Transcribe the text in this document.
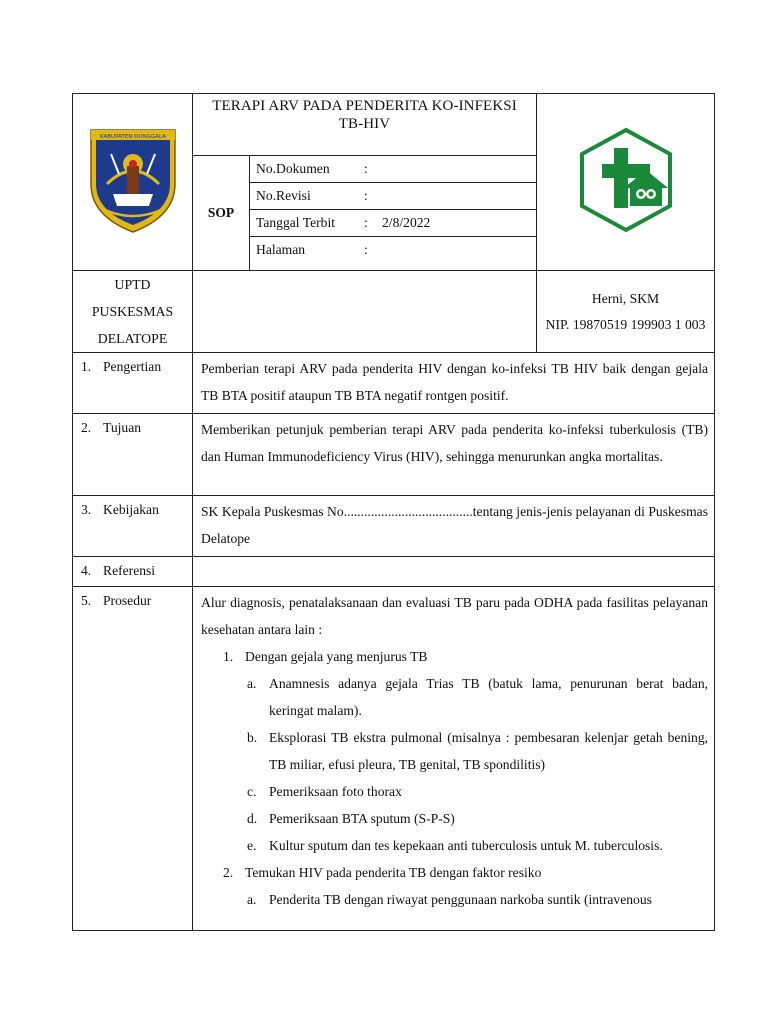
KABUPATEN DONGGALA

TERAPI ARV PADA PENDERITA KO-INFEKSI
TB-HIV

SOP	
No.Dokumen	:
No.Revisi	:
Tanggal Terbit : 2/8/2022
Halaman	:

UPTD
PUSKESMAS
DELATOPE

Herni, SKM
NIP. 19870519 199903 1 003

1. Pengertian	Pemberian terapi ARV pada penderita HIV dengan ko-infeksi TB HIV baik dengan gejala TB BTA positif ataupun TB BTA negatif rontgen positif.
2. Tujuan	Memberikan petunjuk pemberian terapi ARV pada penderita ko-infeksi tuberkulosis (TB) dan Human Immunodeficiency Virus (HIV), sehingga menurunkan angka mortalitas.
3. Kebijakan	SK Kepala Puskesmas No......................................tentang jenis-jenis pelayanan di Puskesmas Delatope
4. Referensi	
5. Prosedur	Alur diagnosis, penatalaksanaan dan evaluasi TB paru pada ODHA pada fasilitas pelayanan kesehatan antara lain :
1. Dengan gejala yang menjurus TB
a. Anamnesis adanya gejala Trias TB (batuk lama, penurunan berat badan, keringat malam).
b. Eksplorasi TB ekstra pulmonal (misalnya : pembesaran kelenjar getah bening, TB miliar, efusi pleura, TB genital, TB spondilitis)
c. Pemeriksaan foto thorax
d. Pemeriksaan BTA sputum (S-P-S)
e. Kultur sputum dan tes kepekaan anti tuberculosis untuk M. tuberculosis.
2. Temukan HIV pada penderita TB dengan faktor resiko
a. Penderita TB dengan riwayat penggunaan narkoba suntik (intravenous
